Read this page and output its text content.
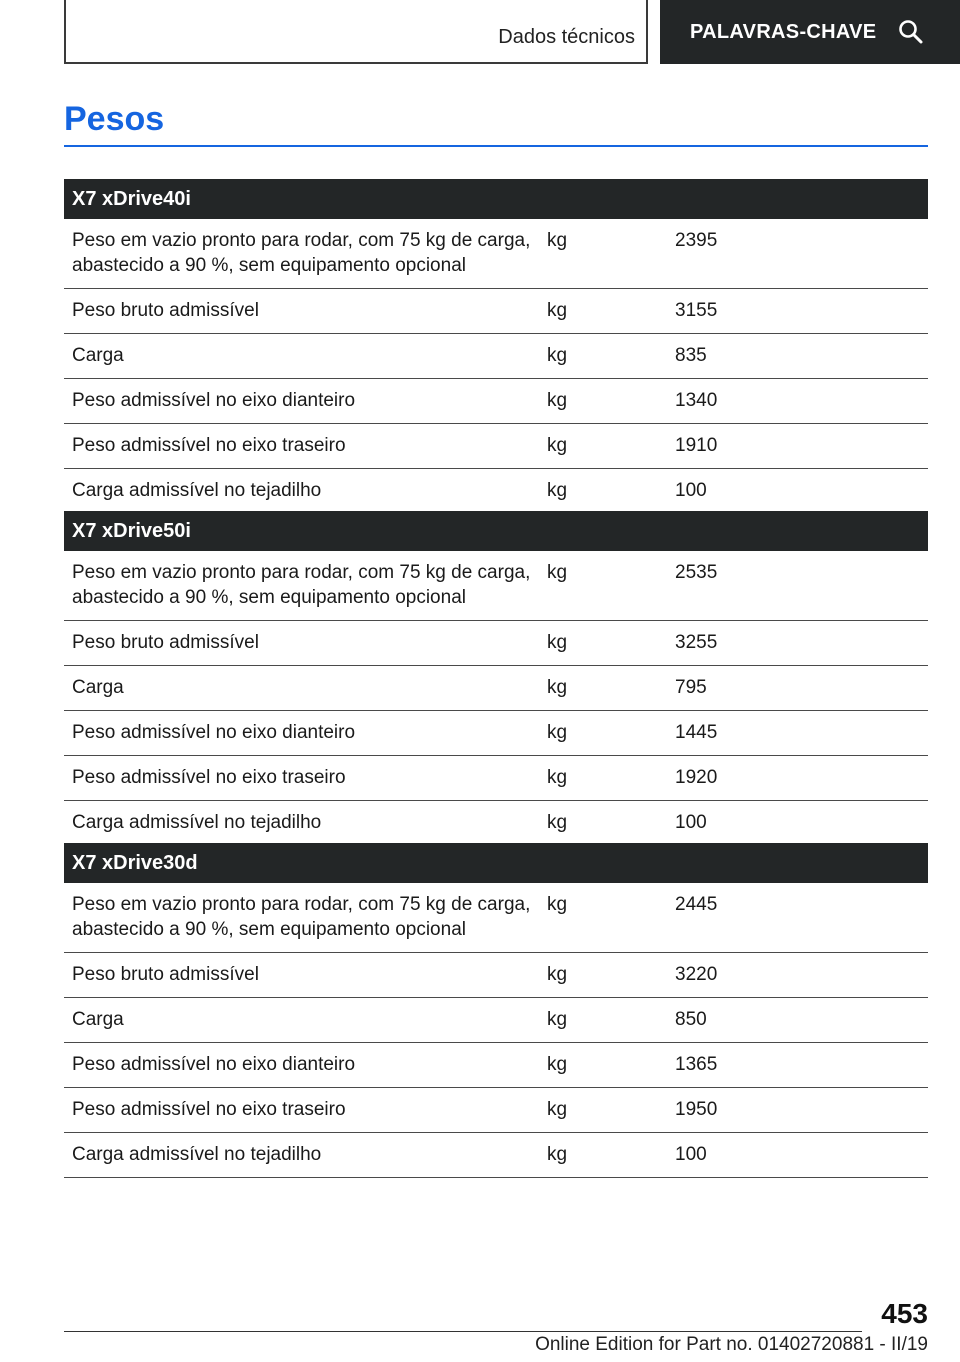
Dados técnicos	PALAVRAS-CHAVE
Pesos
X7 xDrive40i		
Peso em vazio pronto para rodar, com 75 kg de carga, abastecido a 90 %, sem equipamento opcional	kg	2395
Peso bruto admissível	kg	3155
Carga	kg	835
Peso admissível no eixo dianteiro	kg	1340
Peso admissível no eixo traseiro	kg	1910
Carga admissível no tejadilho	kg	100
X7 xDrive50i		
Peso em vazio pronto para rodar, com 75 kg de carga, abastecido a 90 %, sem equipamento opcional	kg	2535
Peso bruto admissível	kg	3255
Carga	kg	795
Peso admissível no eixo dianteiro	kg	1445
Peso admissível no eixo traseiro	kg	1920
Carga admissível no tejadilho	kg	100
X7 xDrive30d		
Peso em vazio pronto para rodar, com 75 kg de carga, abastecido a 90 %, sem equipamento opcional	kg	2445
Peso bruto admissível	kg	3220
Carga	kg	850
Peso admissível no eixo dianteiro	kg	1365
Peso admissível no eixo traseiro	kg	1950
Carga admissível no tejadilho	kg	100
453
Online Edition for Part no. 01402720881 - II/19
